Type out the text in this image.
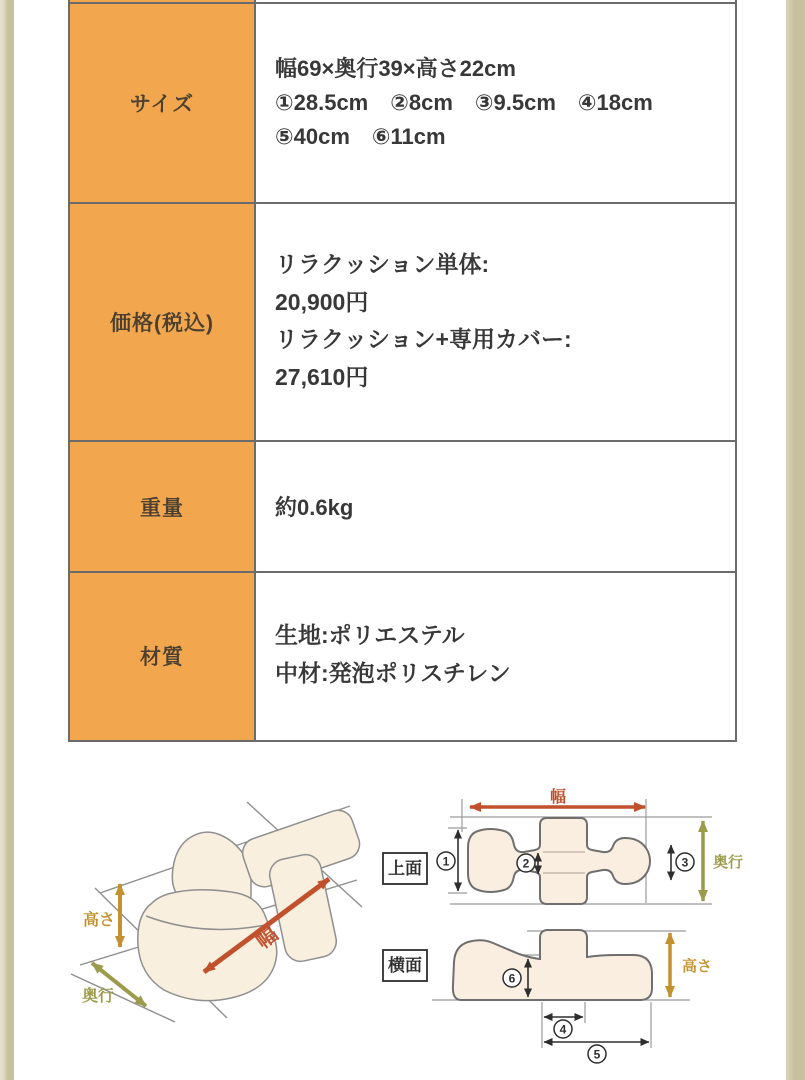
サイズ
価格(税込)
重量
材質
幅69×奥行39×高さ22cm
①28.5cm　②8cm　③9.5cm　④18cm
⑤40cm　⑥11cm
リラクッション単体:
20,900円
リラクッション+専用カバー:
27,610円
約0.6kg
生地:ポリエステル
中材:発泡ポリスチレン
高さ
奥行
幅
幅
奥行
1	2	3
上面
6
高さ
4
5
横面
